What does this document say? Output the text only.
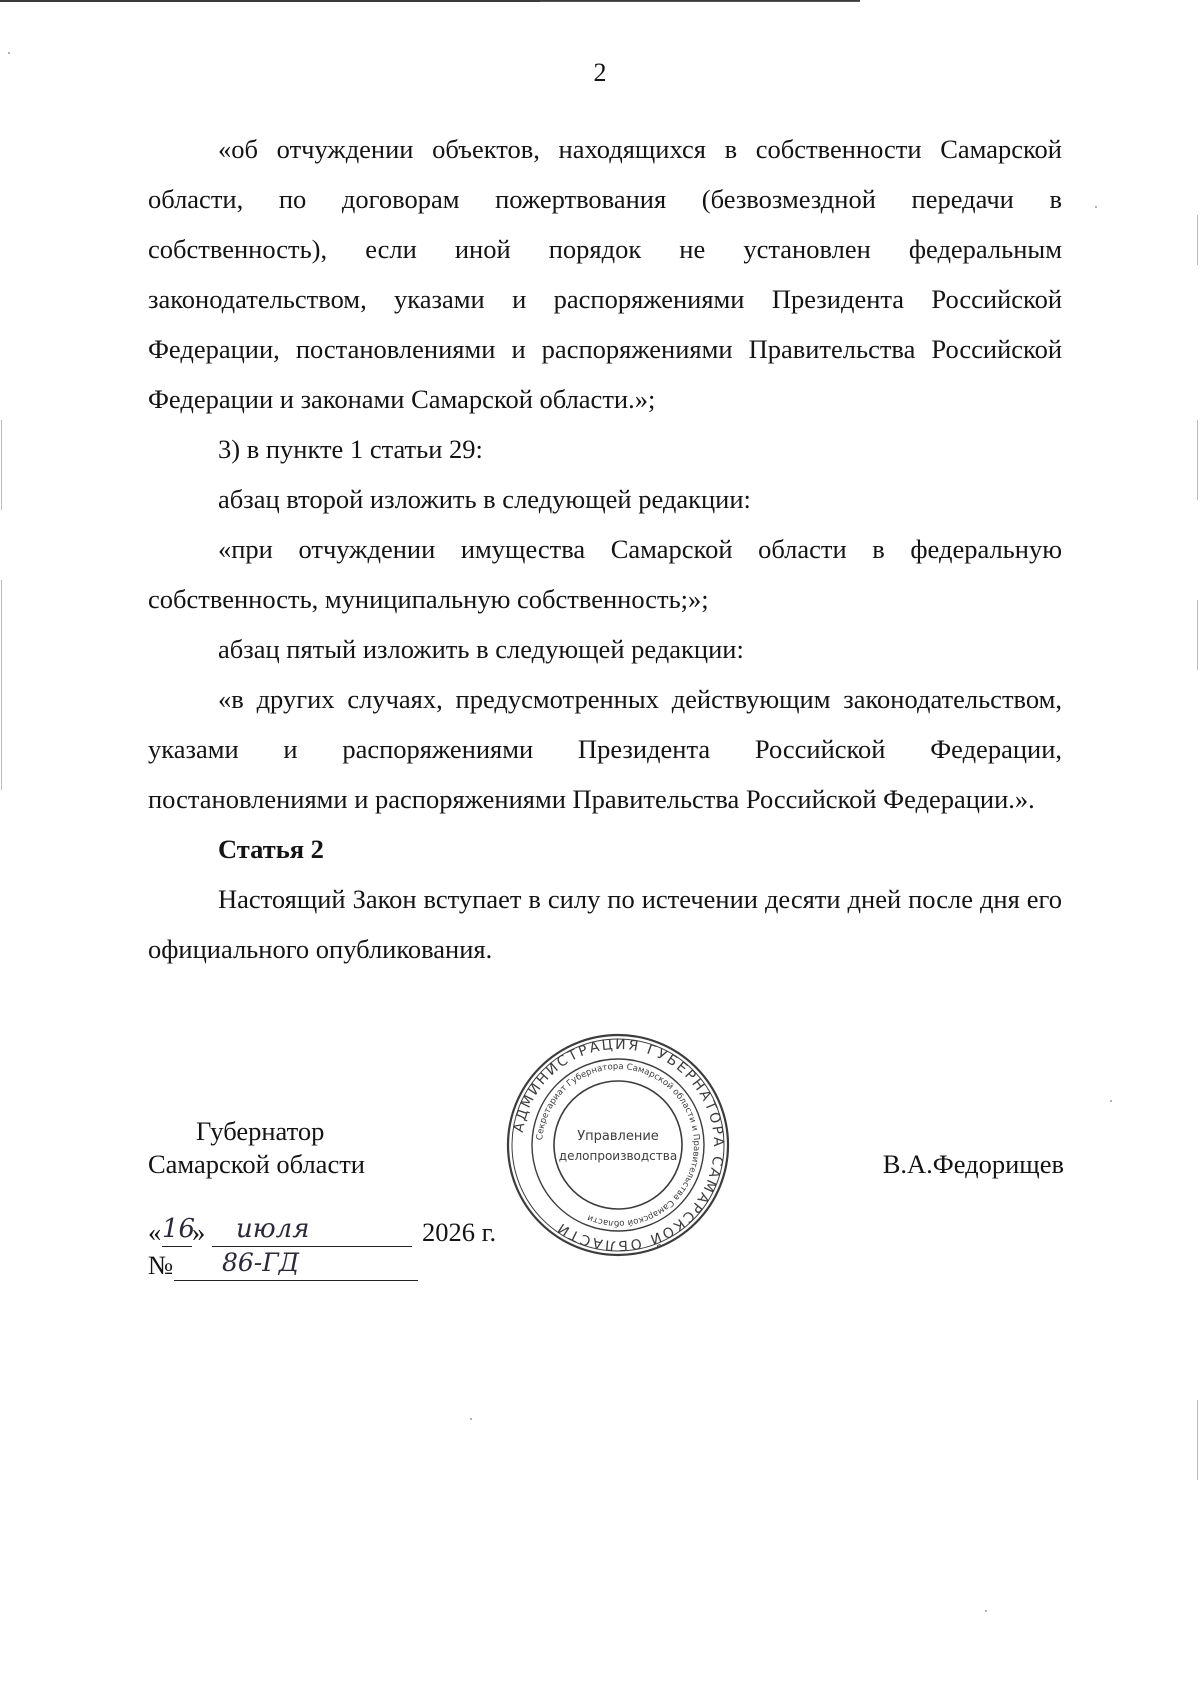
2

«об отчуждении объектов, находящихся в собственности Самарской области, по договорам пожертвования (безвозмездной передачи в собственность), если иной порядок не установлен федеральным законодательством, указами и распоряжениями Президента Российской Федерации, постановлениями и распоряжениями Правительства Российской Федерации и законами Самарской области.»;

3) в пункте 1 статьи 29:

абзац второй изложить в следующей редакции:

«при отчуждении имущества Самарской области в федеральную собственность, муниципальную собственность;»;

абзац пятый изложить в следующей редакции:

«в других случаях, предусмотренных действующим законодательством, указами и распоряжениями Президента Российской Федерации, постановлениями и распоряжениями Правительства Российской Федерации.».

Статья 2

Настоящий Закон вступает в силу по истечении десяти дней после дня его официального опубликования.

Губернатор
Самарской области	В.А.Федорищев
« 16
»	июля	2026 г.
№	86-ГД
АДМИНИСТРАЦИЯ ГУБЕРНАТОРА САМАРСКОЙ ОБЛАСТИ
Секретариат Губернатора Самарской области и Правительства Самарской области
Управление
делопроизводства
